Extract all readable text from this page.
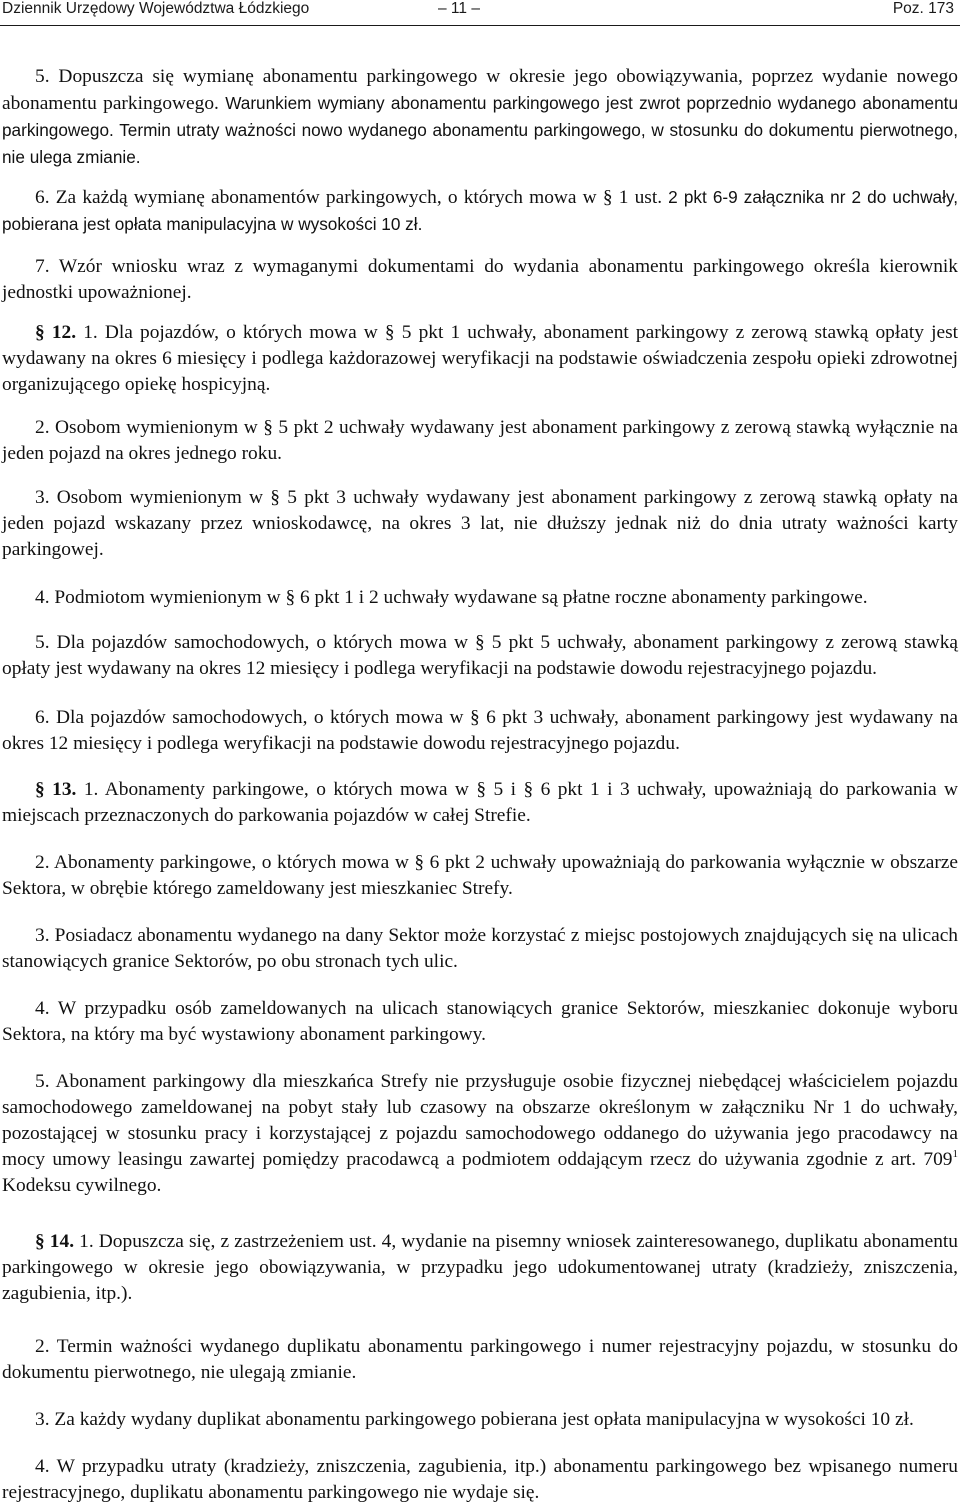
Dziennik Urzędowy Województwa Łódzkiego	– 11 –	Poz. 173

5. Dopuszcza się wymianę abonamentu parkingowego w okresie jego obowiązywania, poprzez wydanie nowego abonamentu parkingowego. Warunkiem wymiany abonamentu parkingowego jest zwrot poprzednio wydanego abonamentu parkingowego. Termin utraty ważności nowo wydanego abonamentu parkingowego, w stosunku do dokumentu pierwotnego, nie ulega zmianie.

6. Za każdą wymianę abonamentów parkingowych, o których mowa w § 1 ust. 2 pkt 6-9 załącznika nr 2 do uchwały, pobierana jest opłata manipulacyjna w wysokości 10 zł.

7. Wzór wniosku wraz z wymaganymi dokumentami do wydania abonamentu parkingowego określa kierownik jednostki upoważnionej.

§ 12. 1. Dla pojazdów, o których mowa w § 5 pkt 1 uchwały, abonament parkingowy z zerową stawką opłaty jest wydawany na okres 6 miesięcy i podlega każdorazowej weryfikacji na podstawie oświadczenia zespołu opieki zdrowotnej organizującego opiekę hospicyjną.

2. Osobom wymienionym w § 5 pkt 2 uchwały wydawany jest abonament parkingowy z zerową stawką wyłącznie na jeden pojazd na okres jednego roku.

3. Osobom wymienionym w § 5 pkt 3 uchwały wydawany jest abonament parkingowy z zerową stawką opłaty na jeden pojazd wskazany przez wnioskodawcę, na okres 3 lat, nie dłuższy jednak niż do dnia utraty ważności karty parkingowej.

4. Podmiotom wymienionym w § 6 pkt 1 i 2 uchwały wydawane są płatne roczne abonamenty parkingowe.

5. Dla pojazdów samochodowych, o których mowa w § 5 pkt 5 uchwały, abonament parkingowy z zerową stawką opłaty jest wydawany na okres 12 miesięcy i podlega weryfikacji na podstawie dowodu rejestracyjnego pojazdu.

6. Dla pojazdów samochodowych, o których mowa w § 6 pkt 3 uchwały, abonament parkingowy jest wydawany na okres 12 miesięcy i podlega weryfikacji na podstawie dowodu rejestracyjnego pojazdu.

§ 13. 1. Abonamenty parkingowe, o których mowa w § 5 i § 6 pkt 1 i 3 uchwały, upoważniają do parkowania w miejscach przeznaczonych do parkowania pojazdów w całej Strefie.

2. Abonamenty parkingowe, o których mowa w § 6 pkt 2 uchwały upoważniają do parkowania wyłącznie w obszarze Sektora, w obrębie którego zameldowany jest mieszkaniec Strefy.

3. Posiadacz abonamentu wydanego na dany Sektor może korzystać z miejsc postojowych znajdujących się na ulicach stanowiących granice Sektorów, po obu stronach tych ulic.

4. W przypadku osób zameldowanych na ulicach stanowiących granice Sektorów, mieszkaniec dokonuje wyboru Sektora, na który ma być wystawiony abonament parkingowy.

5. Abonament parkingowy dla mieszkańca Strefy nie przysługuje osobie fizycznej niebędącej właścicielem pojazdu samochodowego zameldowanej na pobyt stały lub czasowy na obszarze określonym w załączniku Nr 1 do uchwały, pozostającej w stosunku pracy i korzystającej z pojazdu samochodowego oddanego do używania jego pracodawcy na mocy umowy leasingu zawartej pomiędzy pracodawcą a podmiotem oddającym rzecz do używania zgodnie z art. $709^1$ Kodeksu cywilnego.

§ 14. 1. Dopuszcza się, z zastrzeżeniem ust. 4, wydanie na pisemny wniosek zainteresowanego, duplikatu abonamentu parkingowego w okresie jego obowiązywania, w przypadku jego udokumentowanej utraty (kradzieży, zniszczenia, zagubienia, itp.).

2. Termin ważności wydanego duplikatu abonamentu parkingowego i numer rejestracyjny pojazdu, w stosunku do dokumentu pierwotnego, nie ulegają zmianie.

3. Za każdy wydany duplikat abonamentu parkingowego pobierana jest opłata manipulacyjna w wysokości 10 zł.

4. W przypadku utraty (kradzieży, zniszczenia, zagubienia, itp.) abonamentu parkingowego bez wpisanego numeru rejestracyjnego, duplikatu abonamentu parkingowego nie wydaje się.
